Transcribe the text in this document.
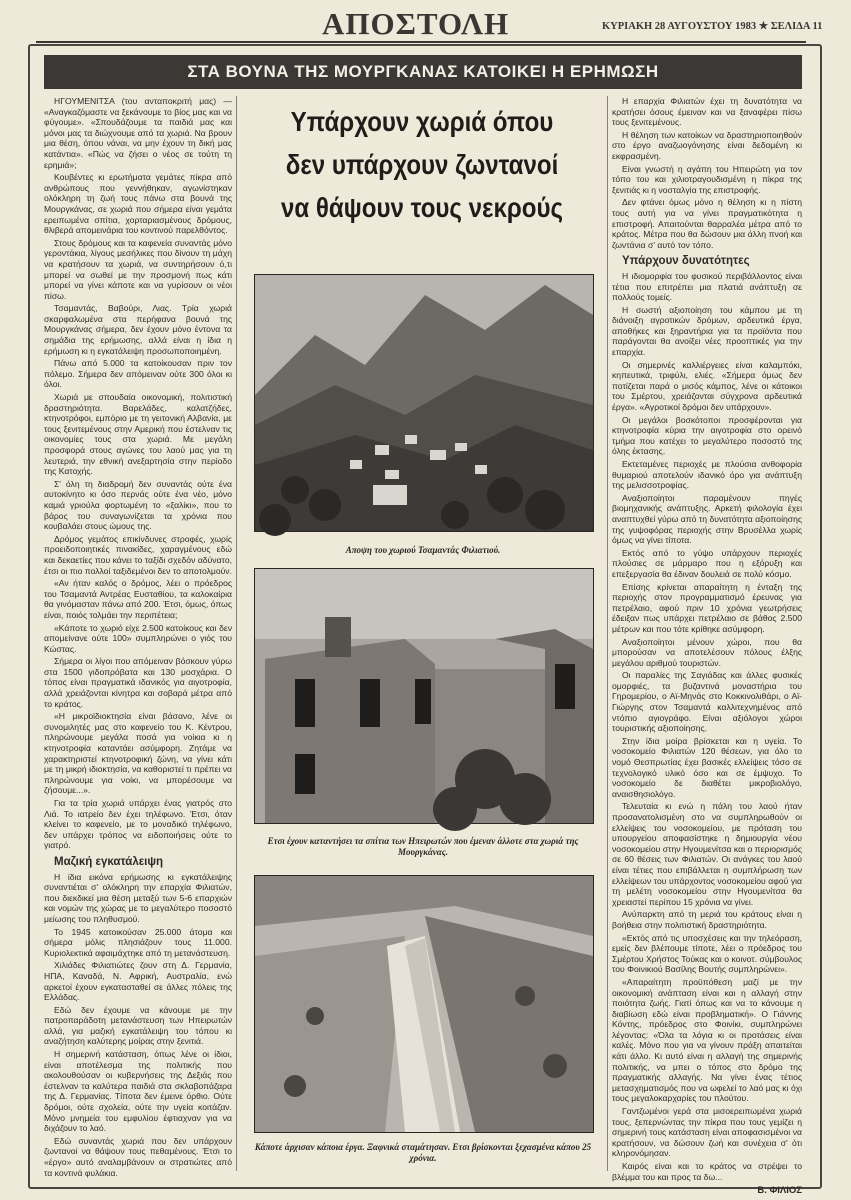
ΑΠΟΣΤΟΛΗ	ΚΥΡΙΑΚΗ 28 ΑΥΓΟΥΣΤΟΥ 1983 ★ ΣΕΛΙΔΑ 11
ΣΤΑ ΒΟΥΝΑ ΤΗΣ ΜΟΥΡΓΚΑΝΑΣ ΚΑΤΟΙΚΕΙ Η ΕΡΗΜΩΣΗ

ΗΓΟΥΜΕΝΙΤΣΑ (του ανταποκριτή μας) — «Αναγκαζόμαστε να ξεκάνουμε το βίος μας και να φύγουμε». «Σπουδάζουμε τα παιδιά μας και μόνοι μας τα διώχνουμε από τα χωριά. Να βρουν μια θέση, όπου νάναι, να μην έχουν τη δική μας κατάντια». «Πώς να ζήσει ο νέος σε τούτη τη ερημιά»;

Κουβέντες κι ερωτήματα γεμάτες πίκρα από ανθρώπους που γεννήθηκαν, αγωνίστηκαν ολόκληρη τη ζωή τους πάνω στα βουνά της Μουργκάνας, σε χωριά που σήμερα είναι γεμάτα ερειπωμένα σπίτια, χορταριασμένους δρόμους, θλιβερά απομεινάρια του κοντινού παρελθόντος.

Στους δρόμους και τα καφενεία συναντάς μόνο γεροντάκια, λίγους μεσήλικες που δίνουν τη μάχη να κρατήσουν τα χωριά, να συντηρήσουν ό,τι μπορεί να σωθεί με την προσμονή πως κάτι μπορεί να γίνει κάποτε και να γυρίσουν οι νέοι πίσω.

Τσαμαντάς, Βαβούρι, Λιας. Τρία χωριά σκαρφαλωμένα στα περήφανα βουνά της Μουργκάνας σήμερα, δεν έχουν μόνο έντονα τα σημάδια της ερήμωσης, αλλά είναι η ίδια η ερήμωση κι η εγκατάλειψη προσωποποιημένη.

Πάνω από 5.000 τα κατοίκουσαν πριν τον πόλεμο. Σήμερα δεν απόμειναν ούτε 300 όλοι κι όλοι.

Χωριά με σπουδαία οικονομική, πολιτιστική δραστηριότητα. Βαρελάδες, καλατζήδες, κτηνοτρόφοι, εμπόριο με τη γειτονική Αλβανία, με τους ξενιτεμένους στην Αμερική που έστελναν τις οικονομίες τους στα χωριά. Με μεγάλη προσφορά στους αγώνες του λαού μας για τη λευτεριά, την εθνική ανεξαρτησία στην περίοδο της Κατοχής.

Σ' όλη τη διαδρομή δεν συναντάς ούτε ένα αυτοκίνητο κι όσο περνάς ούτε ένα νέο, μόνο καμιά γριούλα φορτωμένη το «ξαλίκι», που το βάρος του συναγωνίζεται τα χρόνια που κουβαλάει στους ώμους της.

Δρόμος γεμάτος επικίνδυνες στροφές, χωρίς προειδοποιητικές πινακίδες, χαραγμένους εδώ και δεκαετίες που κάνει το ταξίδι σχεδόν αδύνατο, έτσι οι πιο πολλοί ταξιδεμένοι δεν το αποτολμούν.

«Αν ήταν καλός ο δρόμος, λέει ο πρόεδρος του Τσαμαντά Αντρέας Ευσταθίου, τα καλοκαίρια θα γινόμασταν πάνω από 200. Έτσι, όμως, όπως είναι, ποιός τολμάει την περιπέτεια;

«Κάποτε το χωριό είχε 2.500 κατοίκους και δεν απομείνανε ούτε 100» συμπληρώνει ο γιός του Κώστας.

Σήμερα οι λίγοι που απόμειναν βόσκουν γύρω στα 1500 γιδοπρόβατα και 130 μοσχάρια. Ο τόπος είναι πραγματικά ιδανικός για αιγοτροφία, αλλά χρειάζονται κίνητρα και σοβαρά μέτρα από το κράτος.

«Η μικροϊδιοκτησία είναι βάσανο, λένε οι συνομιλητές μας στο καφενείο του Κ. Κέντρου, πληρώνουμε μεγάλα ποσά για νοίκια κι η κτηνοτροφία καταντάει ασύμφορη. Ζητάμε να χαρακτηριστεί κτηνοτροφική ζώνη, να γίνει κάτι με τη μικρή ιδιοκτησία, να καθοριστεί τι πρέπει να πληρώνουμε για νοίκι, να μπορέσουμε να ζήσουμε...».

Για τα τρία χωριά υπάρχει ένας γιατρός στο Λιά. Το ιατρείο δεν έχει τηλέφωνο. Έτσι, όταν κλείνει το καφενείο, με το μοναδικό τηλέφωνο, δεν υπάρχει τρόπος να ειδοποιήσεις ούτε το γιατρό.

Μαζική εγκατάλειψη

Η ίδια εικόνα ερήμωσης κι εγκατάλειψης συναντιέται σ' ολόκληρη την επαρχία Φιλιατών, που διεκδικεί μια θέση μεταξύ των 5-6 επαρχιών και νομών της χώρας με το μεγαλύτερο ποσοστό μείωσης του πληθυσμού.

Το 1945 κατοικούσαν 25.000 άτομα και σήμερα μόλις πλησιάζουν τους 11.000. Κυριολεκτικά αφαιμάχτηκε από τη μετανάστευση.

Χιλιάδες Φιλιατιώτες ζουν στη Δ. Γερμανία, ΗΠΑ, Καναδά, Ν. Αφρική, Αυστραλία, ενώ αρκετοί έχουν εγκατασταθεί σε άλλες πόλεις της Ελλάδας.

Εδώ δεν έχουμε να κάνουμε με την πατροπαράδοτη μετανάστευση των Ηπειρωτών αλλά, για μαζική εγκατάλειψη του τόπου κι αναζήτηση καλύτερης μοίρας στην ξενιτιά.

Η σημερινή κατάσταση, όπως λένε οι ίδιοι, είναι αποτέλεσμα της πολιτικής που ακολουθούσαν οι κυβερνήσεις της Δεξιάς που έστελναν τα καλύτερα παιδιά στα σκλαβοπάζαρα της Δ. Γερμανίας. Τίποτα δεν έμεινε όρθιο. Ούτε δρόμοι, ούτε σχολεία, ούτε την υγεία κοιτάζαν. Μόνο μνημεία του εμφυλίου έφτιαχναν για να διχάζουν το λαό.

Εδώ συναντάς χωριά που δεν υπάρχουν ζωντανοί να θάψουν τους πεθαμένους. Έτσι το «έργο» αυτό αναλαμβάνουν οι στρατιώτες από τα κοντινά φυλάκια.

Υπάρχουν χωριά όπου
δεν υπάρχουν ζωντανοί
να θάψουν τους νεκρούς
Αποψη του χωριού Τσαμαντάς Φιλιατιού.
Ετσι έχουν καταντήσει τα σπίτια των Ηπειρωτών που έμεναν άλλοτε στα χωριά της Μουργκάνας.
Κάποτε άρχισαν κάποια έργα. Ξαφνικά σταμάτησαν. Ετσι βρίσκονται ξεχασμένα κάπου 25 χρόνια.

Η επαρχία Φιλιατών έχει τη δυνατότητα να κρατήσει όσους έμειναν και να ξαναφέρει πίσω τους ξενιτεμένους.

Η θέληση των κατοίκων να δραστηριοποιηθούν στο έργο αναζωογόνησης είναι δεδομένη κι εκφρασμένη.

Είναι γνωστή η αγάπη του Ηπειρώτη για τον τόπο του και χιλιοτραγουδισμένη η πίκρα της ξενιτιάς κι η νοσταλγία της επιστροφής.

Δεν φτάνει όμως μόνο η θέληση κι η πίστη τους αυτή για να γίνει πραγματικότητα η επιστροφή. Απαιτούνται θαρραλέα μέτρα από το κράτος. Μέτρα που θα δώσουν μια άλλη πνοή και ζωντάνια σ' αυτό τον τόπο.

Υπάρχουν δυνατότητες

Η ιδιομορφία του φυσικού περιβάλλοντος είναι τέτια που επιτρέπει μια πλατιά ανάπτυξη σε πολλούς τομείς.

Η σωστή αξιοποίηση του κάμπου με τη διάνοιξη αγροτικών δρόμων, αρδευτικά έργα, αποθήκες και ξηραντήρια για τα προϊόντα που παράγονται θα ανοίξει νέες προοπτικές για την επαρχία.

Οι σημερινές καλλιέργειες είναι καλαμπόκι, κηπευτικά, τριφύλι, ελιές. «Σήμερα όμως δεν ποτίζεται παρά ο μισός κάμπος, λένε οι κάτοικοι του Σμέρτου, χρειάζονται σύγχρονα αρδευτικά έργα». «Αγροτικοί δρόμοι δεν υπάρχουν».

Οι μεγάλοι βοσκότοποι προσφέρονται για κτηνοτροφία κύρια την αιγοτροφία στο ορεινό τμήμα που κατέχει το μεγαλύτερο ποσοστό της όλης έκτασης.

Εκτεταμένες περιοχές με πλούσια ανθοφορία θυμαριού αποτελούν ιδανικό όρο για ανάπτυξη της μελισσοτροφίας.

Αναξιοποίητοι παραμένουν πηγές βιομηχανικής ανάπτυξης. Αρκετή φιλολογία έχει αναπτυχθεί γύρω από τη δυνατότητα αξιοποίησης της γυψοφόρας περιοχής στην Βρυσέλλα χωρίς όμως να γίνει τίποτα.

Εκτός από το γύψο υπάρχουν περιοχές πλούσιες σε μάρμαρο που η εξόρυξη και επεξεργασία θα έδιναν δουλειά σε πολύ κόσμο.

Επίσης κρίνεται απαραίτητη η ένταξη της περιοχής στον προγραμματισμό έρευνας για πετρέλαιο, αφού πριν 10 χρόνια γεωτρήσεις έδειξαν πως υπάρχει πετρέλαιο σε βάθος 2.500 μέτρων και που τότε κρίθηκε ασύμφορη.

Αναξιοποίητοι μένουν χώροι, που θα μπορούσαν να αποτελέσουν πόλους έλξης μεγάλου αριθμού τουριστών.

Οι παραλίες της Σαγιάδας και άλλες φυσικές ομορφιές, τα βυζαντινά μοναστήρια του Γηρομερίου, ο Αϊ-Μηνάς στο Κοκκινολιθάρι, ο Αϊ-Γιώργης στον Τσαμαντά καλλιτεχνημένος από ντόπιο αγιογράφο. Είναι αξιόλογοι χώροι τουριστικής αξιοποίησης.

Στην ίδια μοίρα βρίσκεται και η υγεία. Το νοσοκομείο Φιλιατών 120 θέσεων, για όλο το νομό Θεσπρωτίας έχει βασικές ελλείψεις τόσο σε τεχνολογικό υλικό όσο και σε έμψυχο. Το νοσοκομείο δε διαθέτει μικροβιολόγο, αναισθησιολόγο.

Τελευταία κι ενώ η πάλη του λαού ήταν προσανατολισμένη στο να συμπληρωθούν οι ελλείψεις του νοσοκομείου, με πρόταση του υπουργείου αποφασίστηκε η δημιουργία νέου νοσοκομείου στην Ηγουμενίτσα και ο περιορισμός σε 60 θέσεις των Φιλιατών. Οι ανάγκες του λαού είναι τέτιες που επιβάλλεται η συμπλήρωση των ελλείψεων του υπάρχοντος νοσοκομείου αφού για τη μελέτη νοσοκομείου στην Ηγουμενίτσα θα χρειαστεί περίπου 15 χρόνια να γίνει.

Ανύπαρκτη από τη μεριά του κράτους είναι η βοήθεια στην πολιτιστική δραστηριότητα.

«Εκτός από τις υποσχέσεις και την τηλεόραση, εμείς δεν βλέπουμε τίποτε, λέει ο πρόεδρος του Σμέρτου Χρήστος Τούκας και ο κοινοτ. σύμβουλος του Φοινικιού Βασίλης Βουτής συμπληρώνει».

«Απαραίτητη προϋπόθεση μαζί με την οικονομική ανάπταση είναι και η αλλαγή στην ποιότητα ζωής. Γιατί όπως και να το κάνουμε η διαβίωση εδώ είναι προβληματική». Ο Γιάννης Κόντης, πρόεδρος στο Φοινίκι, συμπληρώνει λέγοντας: «Όλα τα λόγια κι οι προτάσεις είναι καλές. Μόνο που για να γίνουν πράξη απαιτείται κάτι άλλο. Κι αυτό είναι η αλλαγή της σημερινής πολιτικής, να μπει ο τόπος στο δρόμο της πραγματικής αλλαγής. Να γίνει ένας τέτιος μετασχηματισμός που να ωφελεί το λαό μας κι όχι τους μεγαλοκαρχαρίες του πλούτου.

Γαντζωμένοι γερά στα μισοερειπωμένα χωριά τους, ξεπερνώντας την πίκρα που τους γεμίζει η σημερινή τους κατάσταση είναι αποφασισμένοι να κρατήσουν, να δώσουν ζωή και συνέχεια σ' ότι κληρονόμησαν.

Καιρός είναι και το κράτος να στρέψει το βλέμμα του και προς τα δω...

Β. ΦΙΛΙΟΣ
